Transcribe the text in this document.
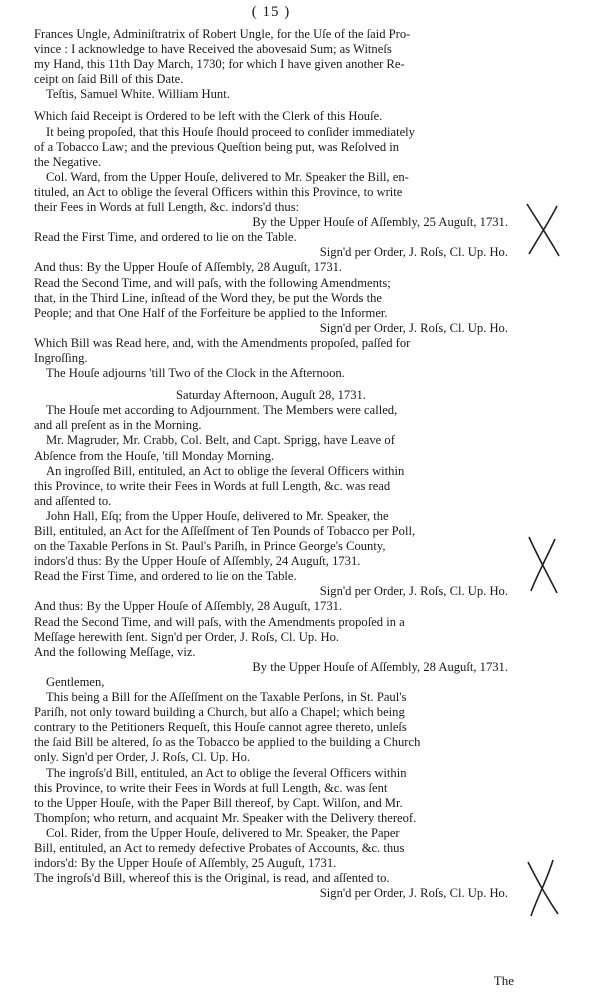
( 15 )
Frances Ungle, Adminiſtratrix of Robert Ungle, for the Uſe of the ſaid Pro-
vince : I acknowledge to have Received the abovesaid Sum; as Witneſs
my Hand, this 11th Day March, 1730; for which I have given another Re-
ceipt on ſaid Bill of this Date.
Teſtis, Samuel White. William Hunt.
Which ſaid Receipt is Ordered to be left with the Clerk of this Houſe.
It being propoſed, that this Houſe ſhould proceed to conſider immediately
of a Tobacco Law; and the previous Queſtion being put, was Reſolved in
the Negative.
Col. Ward, from the Upper Houſe, delivered to Mr. Speaker the Bill, en-
tituled, an Act to oblige the ſeveral Officers within this Province, to write
their Fees in Words at full Length, &c. indors'd thus:
By the Upper Houſe of Aſſembly, 25 Auguſt, 1731.
Read the First Time, and ordered to lie on the Table.
Sign'd per Order, J. Roſs, Cl. Up. Ho.
And thus: By the Upper Houſe of Aſſembly, 28 Auguſt, 1731.
Read the Second Time, and will paſs, with the following Amendments;
that, in the Third Line, inſtead of the Word they, be put the Words the
People; and that One Half of the Forfeiture be applied to the Informer.
Sign'd per Order, J. Roſs, Cl. Up. Ho.
Which Bill was Read here, and, with the Amendments propoſed, paſſed for
Ingroſſing.
The Houſe adjourns 'till Two of the Clock in the Afternoon.
Saturday Afternoon, Auguſt 28, 1731.
The Houſe met according to Adjournment. The Members were called,
and all preſent as in the Morning.
Mr. Magruder, Mr. Crabb, Col. Belt, and Capt. Sprigg, have Leave of
Abſence from the Houſe, 'till Monday Morning.
An ingroſſed Bill, entituled, an Act to oblige the ſeveral Officers within
this Province, to write their Fees in Words at full Length, &c. was read
and aſſented to.
John Hall, Eſq; from the Upper Houſe, delivered to Mr. Speaker, the
Bill, entituled, an Act for the Aſſeſſment of Ten Pounds of Tobacco per Poll,
on the Taxable Perſons in St. Paul's Pariſh, in Prince George's County,
indors'd thus: By the Upper Houſe of Aſſembly, 24 Auguſt, 1731.
Read the First Time, and ordered to lie on the Table.
Sign'd per Order, J. Roſs, Cl. Up. Ho.
And thus: By the Upper Houſe of Aſſembly, 28 Auguſt, 1731.
Read the Second Time, and will paſs, with the Amendments propoſed in a
Meſſage herewith ſent. Sign'd per Order, J. Roſs, Cl. Up. Ho.
And the following Meſſage, viz.
By the Upper Houſe of Aſſembly, 28 Auguſt, 1731.
Gentlemen,
This being a Bill for the Aſſeſſment on the Taxable Perſons, in St. Paul's
Pariſh, not only toward building a Church, but alſo a Chapel; which being
contrary to the Petitioners Requeſt, this Houſe cannot agree thereto, unleſs
the ſaid Bill be altered, ſo as the Tobacco be applied to the building a Church
only. Sign'd per Order, J. Roſs, Cl. Up. Ho.
The ingroſs'd Bill, entituled, an Act to oblige the ſeveral Officers within
this Province, to write their Fees in Words at full Length, &c. was ſent
to the Upper Houſe, with the Paper Bill thereof, by Capt. Wilſon, and Mr.
Thompſon; who return, and acquaint Mr. Speaker with the Delivery thereof.
Col. Rider, from the Upper Houſe, delivered to Mr. Speaker, the Paper
Bill, entituled, an Act to remedy defective Probates of Accounts, &c. thus
indors'd: By the Upper Houſe of Aſſembly, 25 Auguſt, 1731.
The ingroſs'd Bill, whereof this is the Original, is read, and aſſented to.
Sign'd per Order, J. Roſs, Cl. Up. Ho.
The
